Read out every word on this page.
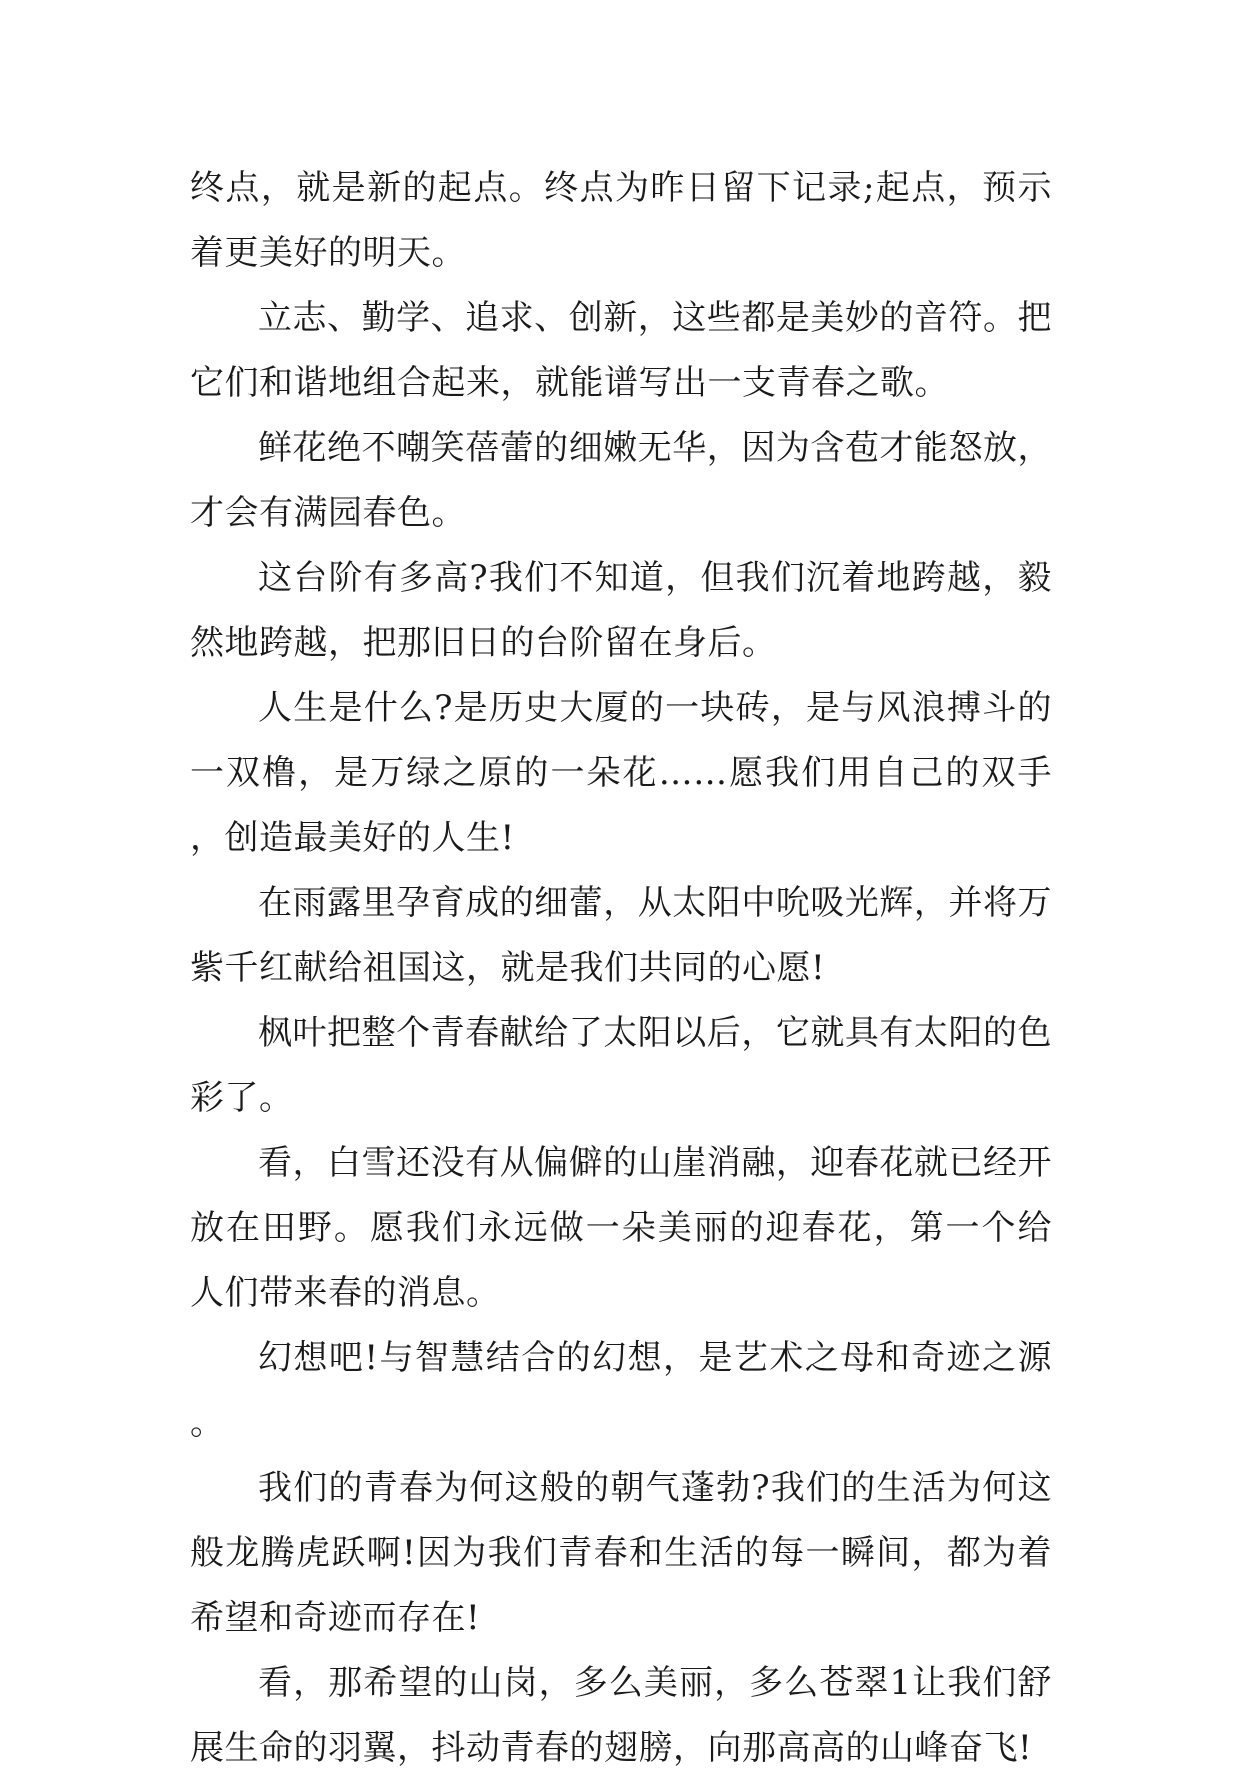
终点，就是新的起点。终点为昨日留下记录;起点，预示着更美好的明天。

立志、勤学、追求、创新，这些都是美妙的音符。把它们和谐地组合起来，就能谱写出一支青春之歌。

鲜花绝不嘲笑蓓蕾的细嫩无华，因为含苞才能怒放，才会有满园春色。

这台阶有多高?我们不知道，但我们沉着地跨越，毅然地跨越，把那旧日的台阶留在身后。

人生是什么?是历史大厦的一块砖，是与风浪搏斗的一双橹，是万绿之原的一朵花……愿我们用自己的双手，创造最美好的人生!

在雨露里孕育成的细蕾，从太阳中吮吸光辉，并将万紫千红献给祖国这，就是我们共同的心愿!

枫叶把整个青春献给了太阳以后，它就具有太阳的色彩了。

看，白雪还没有从偏僻的山崖消融，迎春花就已经开放在田野。愿我们永远做一朵美丽的迎春花，第一个给人们带来春的消息。

幻想吧!与智慧结合的幻想，是艺术之母和奇迹之源。

我们的青春为何这般的朝气蓬勃?我们的生活为何这般龙腾虎跃啊!因为我们青春和生活的每一瞬间，都为着希望和奇迹而存在!

看，那希望的山岗，多么美丽，多么苍翠1让我们舒展生命的羽翼，抖动青春的翅膀，向那高高的山峰奋飞!
